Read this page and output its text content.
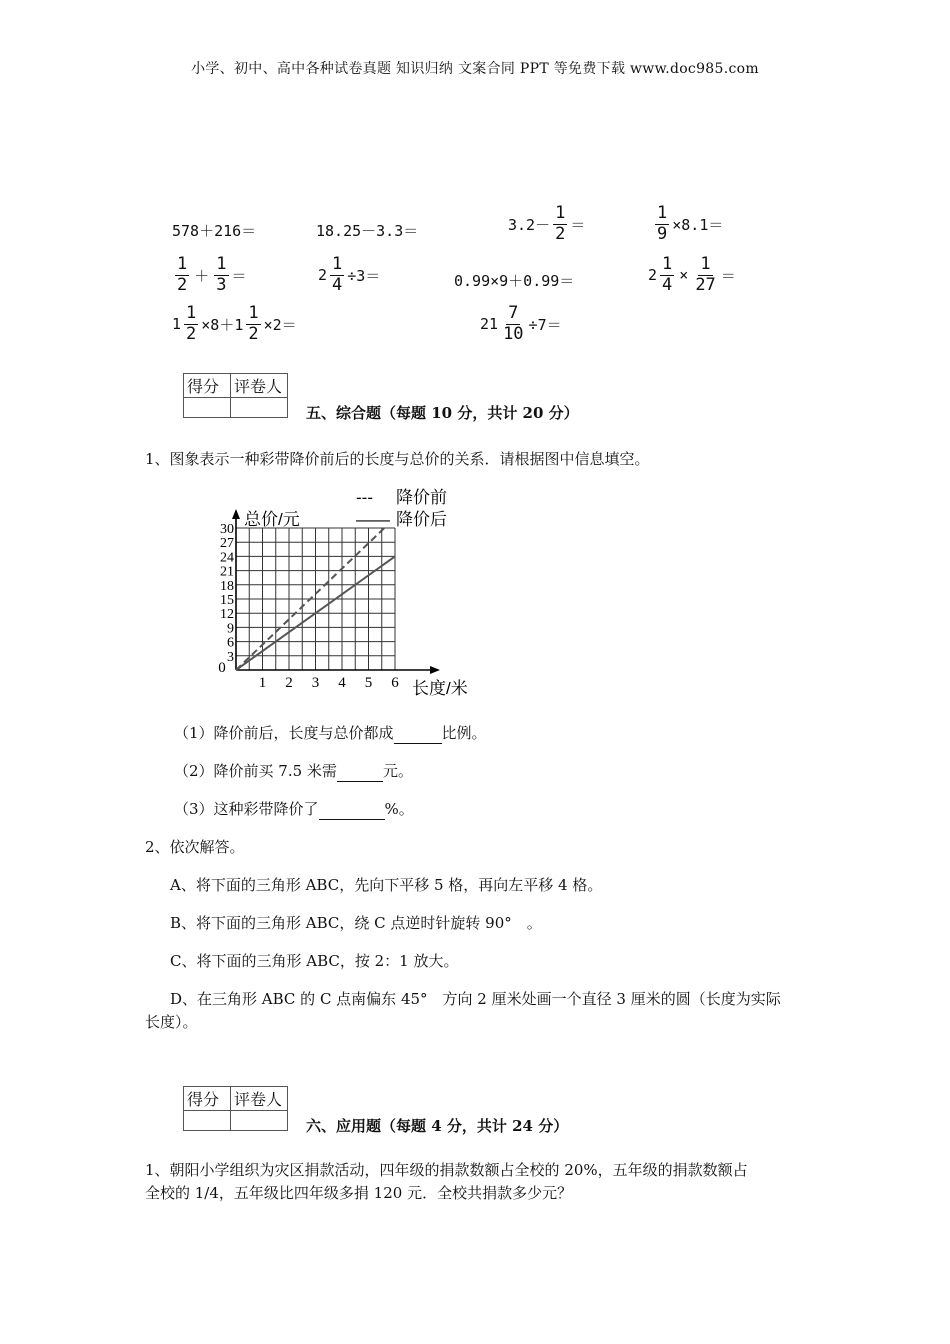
小学、初中、高中各种试卷真题 知识归纳 文案合同 PPT 等免费下载 www.doc985.com
578＋216＝	18.25－3.3＝	$3.2- \frac{1}{2}$ ＝	$\frac{1}{9} \times 8.1=$
$\frac{1}{2} + \frac{1}{3}$ ＝	$2 \frac{1}{4} \div 3=$	0.99×9＋0.99＝	$2 \frac{1}{4} \times \frac{1}{27}$ ＝
$1 \frac{1}{2} \times 8+1 \frac{1}{2} \times 2=$	$21 \frac{7}{10} \div 7=$
得分	评卷人

五、综合题（每题 10 分，共计 20 分）
1、图象表示一种彩带降价前后的长度与总价的关系．请根据图中信息填空。
0
1 2 3 4 5 6
3
6
9
12
15
18
21
24
27
30
总价/元
长度/米
--- 降价前
—— 降价后
（1）降价前后，长度与总价都成	比例。
（2）降价前买 7.5 米需	元。
（3）这种彩带降价了	%。
2、依次解答。
A、将下面的三角形 ABC，先向下平移 5 格，再向左平移 4 格。
B、将下面的三角形 ABC，绕 C 点逆时针旋转 90°　。
C、将下面的三角形 ABC，按 2：1 放大。
D、在三角形 ABC 的 C 点南偏东 45°　方向 2 厘米处画一个直径 3 厘米的圆（长度为实际
长度）。
得分	评卷人

六、应用题（每题 4 分，共计 24 分）
1、朝阳小学组织为灾区捐款活动，四年级的捐款数额占全校的 20%，五年级的捐款数额占
全校的 1/4，五年级比四年级多捐 120 元．全校共捐款多少元？
